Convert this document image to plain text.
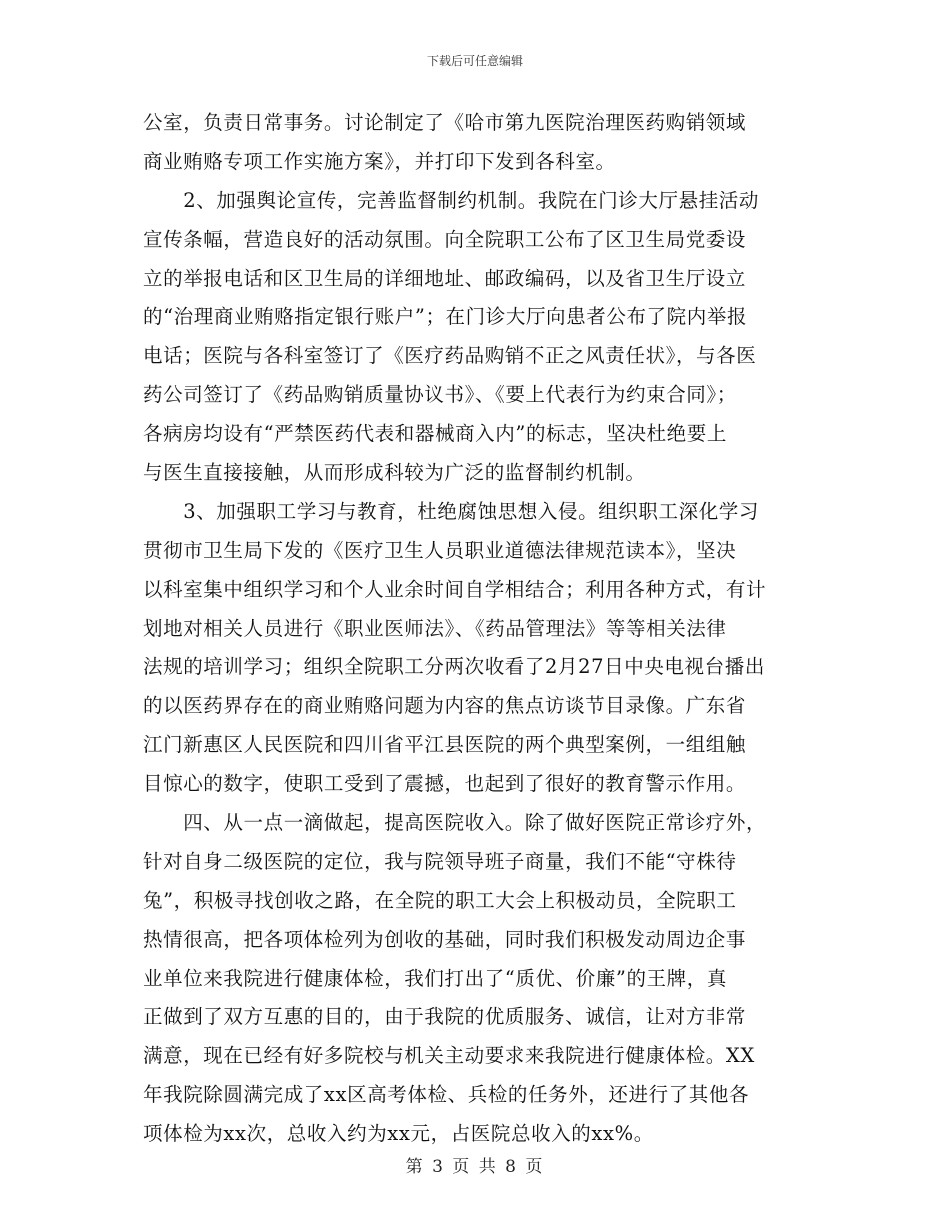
下载后可任意编辑
公室，负责日常事务。讨论制定了《哈市第九医院治理医药购销领域
商业贿赂专项工作实施方案》，并打印下发到各科室。
　　2、加强舆论宣传，完善监督制约机制。我院在门诊大厅悬挂活动
宣传条幅，营造良好的活动氛围。向全院职工公布了区卫生局党委设
立的举报电话和区卫生局的详细地址、邮政编码，以及省卫生厅设立
的“治理商业贿赂指定银行账户”；在门诊大厅向患者公布了院内举报
电话；医院与各科室签订了《医疗药品购销不正之风责任状》，与各医
药公司签订了《药品购销质量协议书》、《要上代表行为约束合同》；
各病房均设有“严禁医药代表和器械商入内”的标志，坚决杜绝要上
与医生直接接触，从而形成科较为广泛的监督制约机制。
　　3、加强职工学习与教育，杜绝腐蚀思想入侵。组织职工深化学习
贯彻市卫生局下发的《医疗卫生人员职业道德法律规范读本》，坚决
以科室集中组织学习和个人业余时间自学相结合；利用各种方式，有计
划地对相关人员进行《职业医师法》、《药品管理法》等等相关法律
法规的培训学习；组织全院职工分两次收看了2月27日中央电视台播出
的以医药界存在的商业贿赂问题为内容的焦点访谈节目录像。广东省
江门新惠区人民医院和四川省平江县医院的两个典型案例，一组组触
目惊心的数字，使职工受到了震撼，也起到了很好的教育警示作用。
　　四、从一点一滴做起，提高医院收入。除了做好医院正常诊疗外，
针对自身二级医院的定位，我与院领导班子商量，我们不能“守株待
兔”，积极寻找创收之路，在全院的职工大会上积极动员，全院职工
热情很高，把各项体检列为创收的基础，同时我们积极发动周边企事
业单位来我院进行健康体检，我们打出了“质优、价廉”的王牌，真
正做到了双方互惠的目的，由于我院的优质服务、诚信，让对方非常
满意，现在已经有好多院校与机关主动要求来我院进行健康体检。XX
年我院除圆满完成了xx区高考体检、兵检的任务外，还进行了其他各
项体检为xx次，总收入约为xx元，占医院总收入的xx%。
第 3 页 共 8 页
